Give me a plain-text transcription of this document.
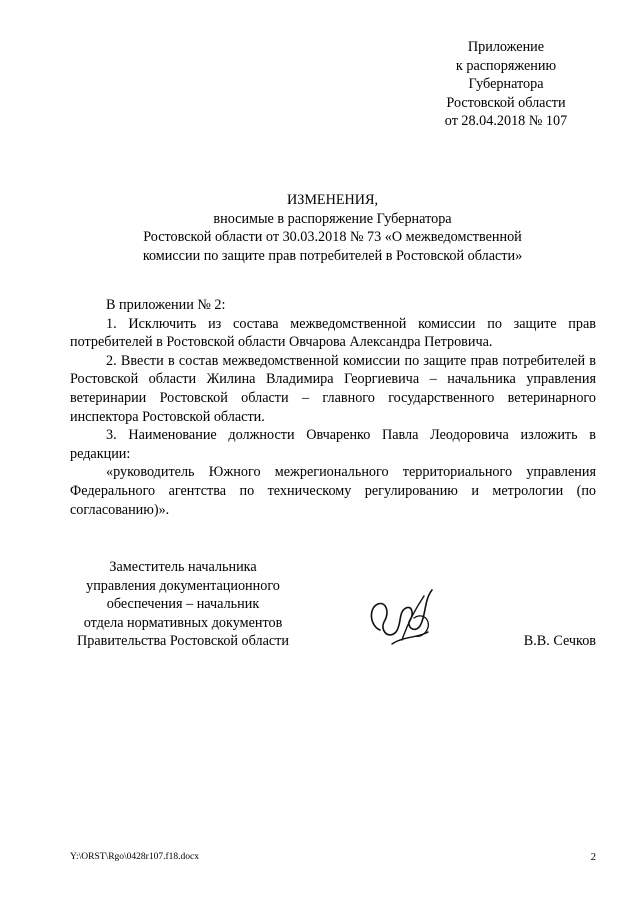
Приложение
к распоряжению
Губернатора
Ростовской области
от 28.04.2018 № 107
ИЗМЕНЕНИЯ,
вносимые в распоряжение Губернатора
Ростовской области от 30.03.2018 № 73 «О межведомственной
комиссии по защите прав потребителей в Ростовской области»

В приложении № 2:

1. Исключить из состава межведомственной комиссии по защите прав потребителей в Ростовской области Овчарова Александра Петровича.

2. Ввести в состав межведомственной комиссии по защите прав потребителей в Ростовской области Жилина Владимира Георгиевича – начальника управления ветеринарии Ростовской области – главного государственного ветеринарного инспектора Ростовской области.

3. Наименование должности Овчаренко Павла Леодоровича изложить в редакции:

«руководитель Южного межрегионального территориального управления Федерального агентства по техническому регулированию и метрологии (по согласованию)».

Заместитель начальника
управления документационного
обеспечения – начальник
отдела нормативных документов
Правительства Ростовской области	В.В. Сечков
Y:\ORST\Rgo\0428r107.f18.docx	2
